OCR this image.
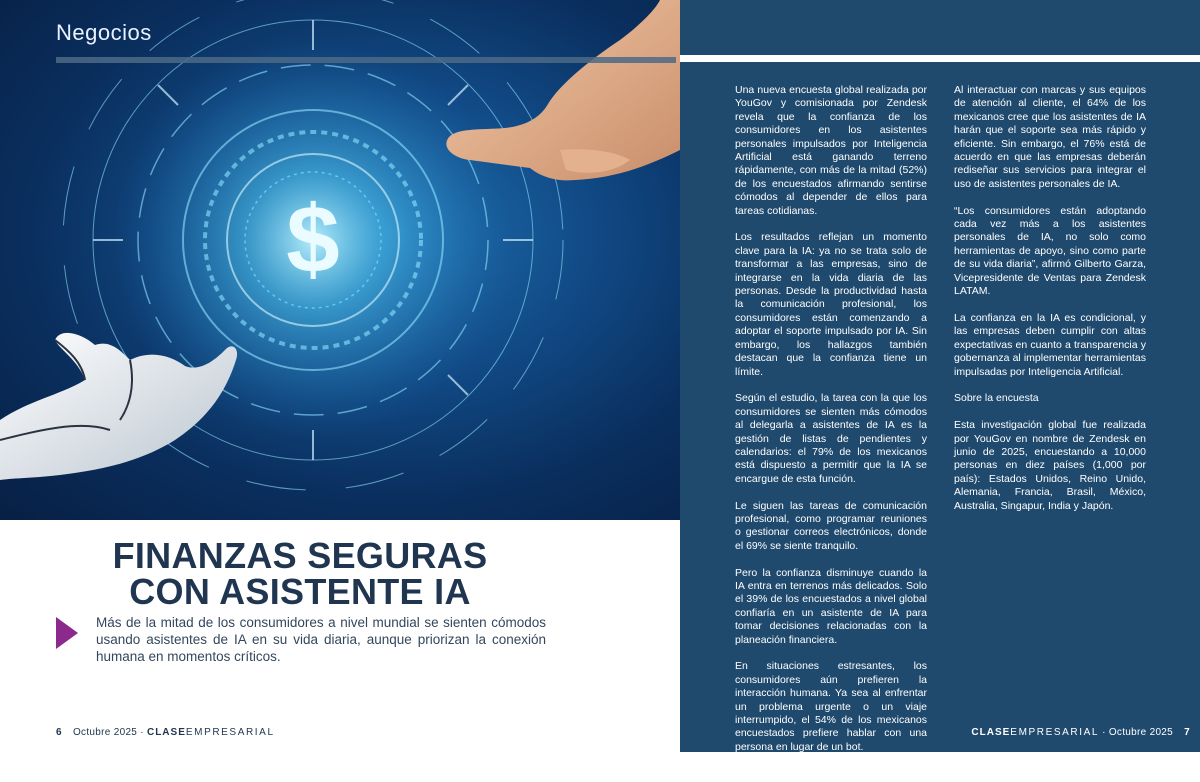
$
Negocios
FINANZAS SEGURAS
CON ASISTENTE IA

Más de la mitad de los consumidores a nivel mundial se sienten cómodos usando asistentes de IA en su vida diaria, aunque priorizan la conexión humana en momentos críticos.

6 Octubre 2025 · CLASEEMPRESARIAL

Una nueva encuesta global realizada por YouGov y comisionada por Zendesk revela que la confianza de los consumidores en los asistentes personales impulsados por Inteligencia Artificial está ganando terreno rápidamente, con más de la mitad (52%) de los encuestados afirmando sentirse cómodos al depender de ellos para tareas cotidianas.

Los resultados reflejan un momento clave para la IA: ya no se trata solo de transformar a las empresas, sino de integrarse en la vida diaria de las personas. Desde la productividad hasta la comunicación profesional, los consumidores están comenzando a adoptar el soporte impulsado por IA. Sin embargo, los hallazgos también destacan que la confianza tiene un límite.

Según el estudio, la tarea con la que los consumidores se sienten más cómodos al delegarla a asistentes de IA es la gestión de listas de pendientes y calendarios: el 79% de los mexicanos está dispuesto a permitir que la IA se encargue de esta función.

Le siguen las tareas de comunicación profesional, como programar reuniones o gestionar correos electrónicos, donde el 69% se siente tranquilo.

Pero la confianza disminuye cuando la IA entra en terrenos más delicados. Solo el 39% de los encuestados a nivel global confiaría en un asistente de IA para tomar decisiones relacionadas con la planeación financiera.

En situaciones estresantes, los consumidores aún prefieren la interacción humana. Ya sea al enfrentar un problema urgente o un viaje interrumpido, el 54% de los mexicanos encuestados prefiere hablar con una persona en lugar de un bot.

Al interactuar con marcas y sus equipos de atención al cliente, el 64% de los mexicanos cree que los asistentes de IA harán que el soporte sea más rápido y eficiente. Sin embargo, el 76% está de acuerdo en que las empresas deberán rediseñar sus servicios para integrar el uso de asistentes personales de IA.

“Los consumidores están adoptando cada vez más a los asistentes personales de IA, no solo como herramientas de apoyo, sino como parte de su vida diaria”, afirmó Gilberto Garza, Vicepresidente de Ventas para Zendesk LATAM.

La confianza en la IA es condicional, y las empresas deben cumplir con altas expectativas en cuanto a transparencia y gobernanza al implementar herramientas impulsadas por Inteligencia Artificial.

Sobre la encuesta

Esta investigación global fue realizada por YouGov en nombre de Zendesk en junio de 2025, encuestando a 10,000 personas en diez países (1,000 por país): Estados Unidos, Reino Unido, Alemania, Francia, Brasil, México, Australia, Singapur, India y Japón.

CLASEEMPRESARIAL · Octubre 2025 7
